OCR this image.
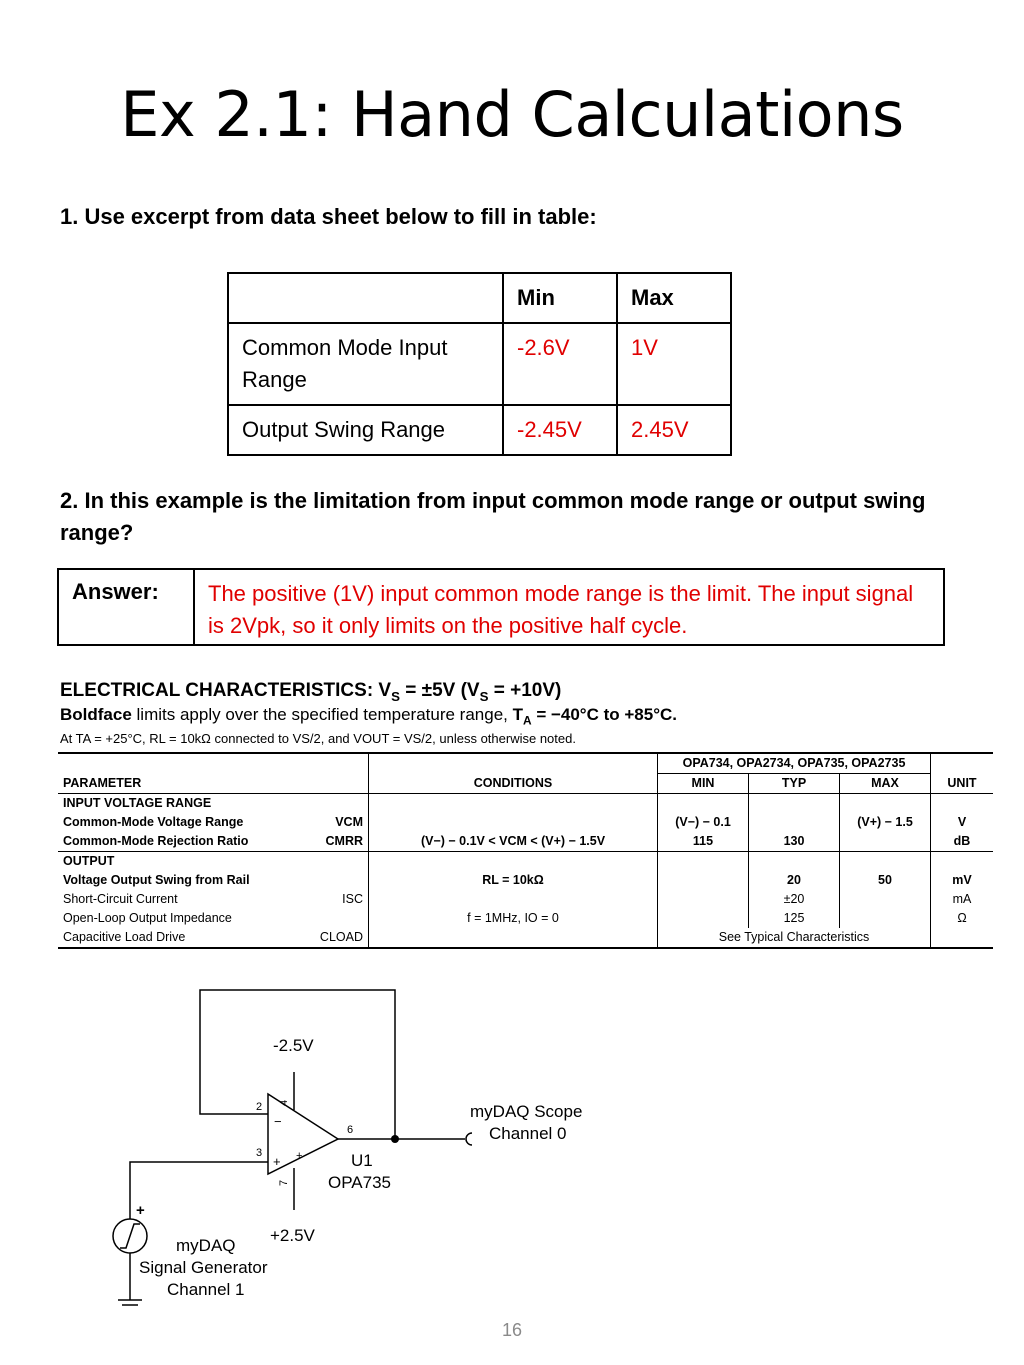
Ex 2.1: Hand Calculations
1. Use excerpt from data sheet below to fill in table:
	Min	Max
Common Mode Input Range	-2.6V	1V
Output Swing Range	-2.45V	2.45V
2. In this example is the limitation from input common mode range or output swing range?
Answer:	The positive (1V) input common mode range is the limit. The input signal is 2Vpk, so it only limits on the positive half cycle.
ELECTRICAL CHARACTERISTICS: $V_S = \pm 5V$ $(V_S = +10V)$
Boldface limits apply over the specified temperature range, $T_A = -40^\circ C$ to +85°C.
At TA = +25°C, RL = 10kΩ connected to VS/2, and VOUT = VS/2, unless otherwise noted.
		OPA734, OPA2734, OPA735, OPA2735			
PARAMETER	CONDITIONS	MIN	TYP	MAX	UNIT
INPUT VOLTAGE RANGE					
Common-Mode Voltage Range VCM		(V−) − 0.1		(V+) − 1.5	V
Common-Mode Rejection Ratio CMRR	(V−) − 0.1V < VCM < (V+) − 1.5V	115	130		dB
OUTPUT					
Voltage Output Swing from Rail	RL = 10kΩ		20	50	mV
Short-Circuit Current ISC			±20		mA
Open-Loop Output Impedance	f = 1MHz, IO = 0		125		Ω
Capacitive Load Drive CLOAD		See Typical Characteristics			
-2.5V
+2.5V
2
3
4
7
6
−
+ +	U1
OPA735
myDAQ Scope
Channel 0
+
myDAQ
Signal Generator
Channel 1
16
